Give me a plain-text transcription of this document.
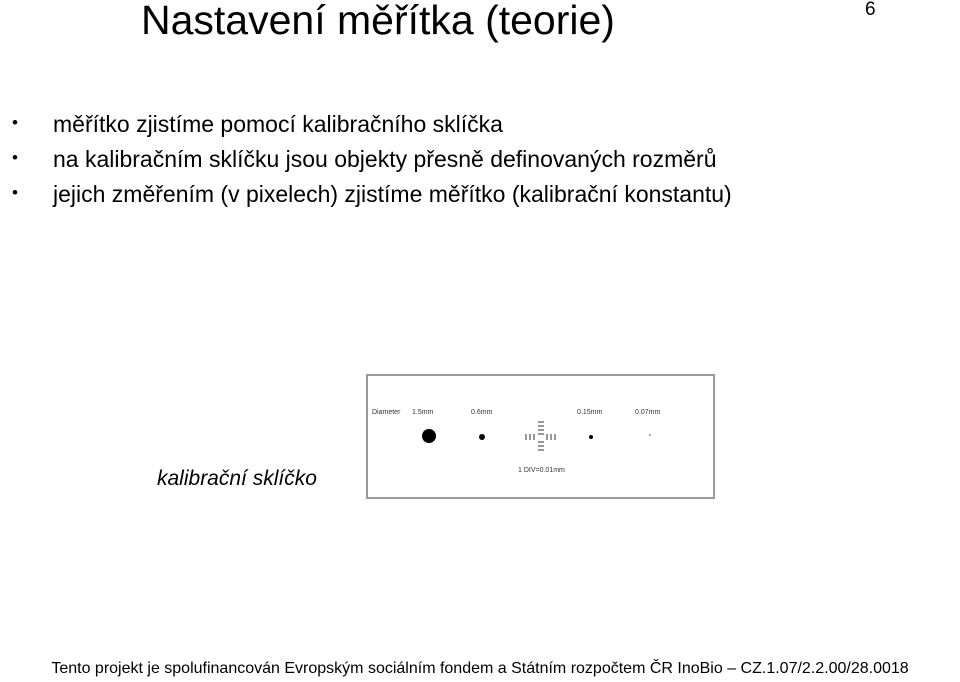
Nastavení měřítka (teorie)	6
• měřítko zjistíme pomocí kalibračního sklíčka
• na kalibračním sklíčku jsou objekty přesně definovaných rozměrů
• jejich změřením (v pixelech) zjistíme měřítko (kalibrační konstantu)
Diameter 1.5mm	0.6mm	0.15mm	0.07mm
1 DIV=0.01mm
kalibrační sklíčko
Tento projekt je spolufinancován Evropským sociálním fondem a Státním rozpočtem ČR InoBio – CZ.1.07/2.2.00/28.0018
